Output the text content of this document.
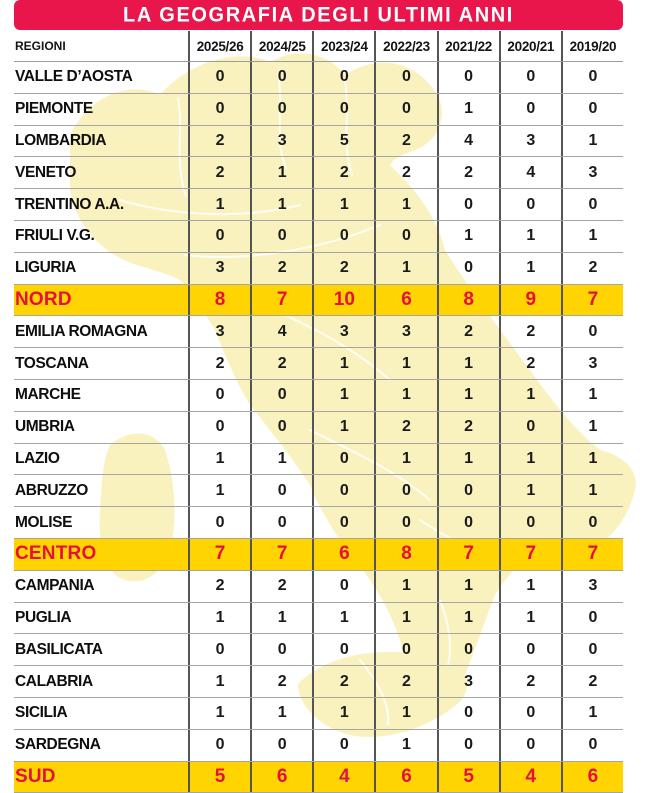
LA GEOGRAFIA DEGLI ULTIMI ANNI
REGIONI	2025/26	2024/25	2023/24	2022/23	2021/22	2020/21	2019/20
VALLE D’AOSTA	0	0	0	0	0	0	0
PIEMONTE	0	0	0	0	1	0	0
LOMBARDIA	2	3	5	2	4	3	1
VENETO	2	1	2	2	2	4	3
TRENTINO A.A.	1	1	1	1	0	0	0
FRIULI V.G.	0	0	0	0	1	1	1
LIGURIA	3	2	2	1	0	1	2
NORD	8	7	10	6	8	9	7
EMILIA ROMAGNA	3	4	3	3	2	2	0
TOSCANA	2	2	1	1	1	2	3
MARCHE	0	0	1	1	1	1	1
UMBRIA	0	0	1	2	2	0	1
LAZIO	1	1	0	1	1	1	1
ABRUZZO	1	0	0	0	0	1	1
MOLISE	0	0	0	0	0	0	0
CENTRO	7	7	6	8	7	7	7
CAMPANIA	2	2	0	1	1	1	3
PUGLIA	1	1	1	1	1	1	0
BASILICATA	0	0	0	0	0	0	0
CALABRIA	1	2	2	2	3	2	2
SICILIA	1	1	1	1	0	0	1
SARDEGNA	0	0	0	1	0	0	0
SUD	5	6	4	6	5	4	6
